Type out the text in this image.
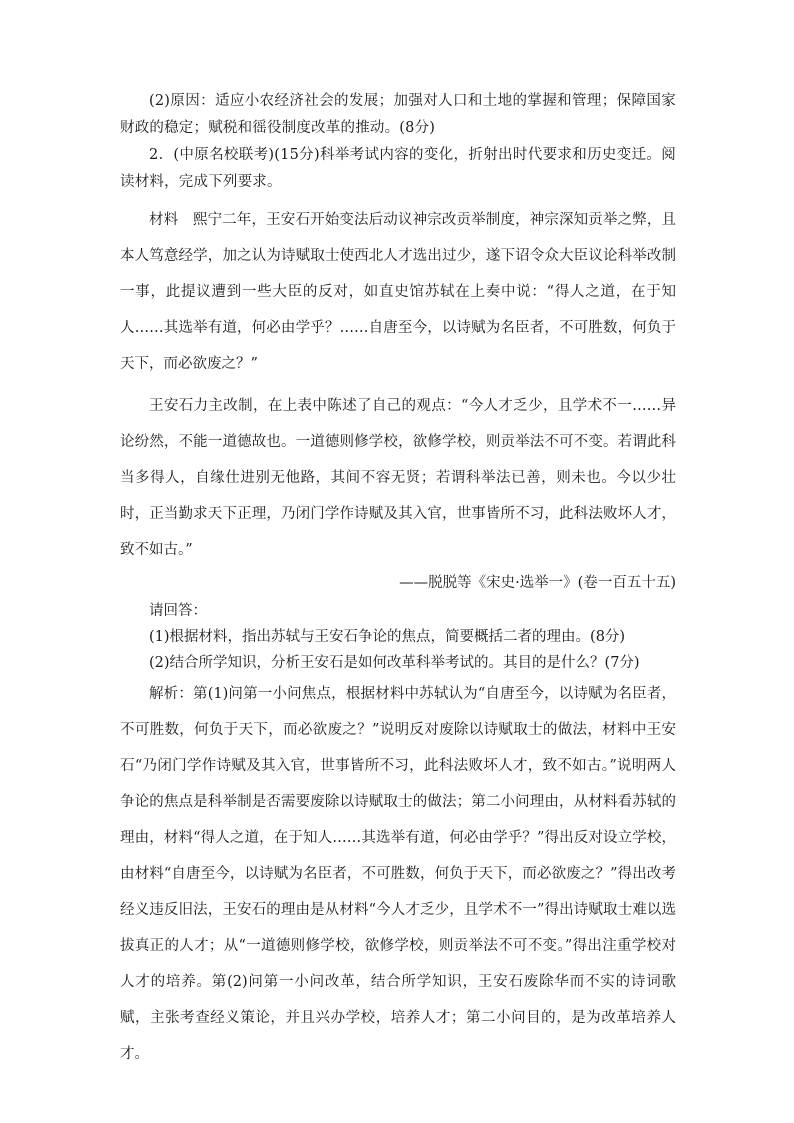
(2)原因：适应小农经济社会的发展；加强对人口和土地的掌握和管理；保障国家财政的稳定；赋税和徭役制度改革的推动。(8分)

2．(中原名校联考)(15分)科举考试内容的变化，折射出时代要求和历史变迁。阅读材料，完成下列要求。

材料　 熙宁二年，王安石开始变法后动议神宗改贡举制度，神宗深知贡举之弊，且本人笃意经学，加之认为诗赋取士使西北人才选出过少，遂下诏令众大臣议论科举改制一事，此提议遭到一些大臣的反对，如直史馆苏轼在上奏中说：“得人之道，在于知人……其选举有道，何必由学乎？……自唐至今，以诗赋为名臣者，不可胜数，何负于天下，而必欲废之？”

王安石力主改制，在上表中陈述了自己的观点：“今人才乏少，且学术不一……异论纷然，不能一道德故也。一道德则修学校，欲修学校，则贡举法不可不变。若谓此科当多得人，自缘仕进别无他路，其间不容无贤；若谓科举法已善，则未也。今以少壮时，正当勤求天下正理，乃闭门学作诗赋及其入官，世事皆所不习，此科法败坏人才，致不如古。”

——脱脱等《宋史·选举一》(卷一百五十五)

请回答：

(1)根据材料，指出苏轼与王安石争论的焦点，简要概括二者的理由。(8分)

(2)结合所学知识，分析王安石是如何改革科举考试的。其目的是什么？(7分)

解析：第(1)问第一小问焦点，根据材料中苏轼认为“自唐至今，以诗赋为名臣者，不可胜数，何负于天下，而必欲废之？”说明反对废除以诗赋取士的做法，材料中王安石“乃闭门学作诗赋及其入官，世事皆所不习，此科法败坏人才，致不如古。”说明两人争论的焦点是科举制是否需要废除以诗赋取士的做法；第二小问理由，从材料看苏轼的理由，材料“得人之道，在于知人……其选举有道，何必由学乎？”得出反对设立学校，由材料“自唐至今，以诗赋为名臣者，不可胜数，何负于天下，而必欲废之？”得出改考经义违反旧法，王安石的理由是从材料“今人才乏少，且学术不一”得出诗赋取士难以选拔真正的人才；从“一道德则修学校，欲修学校，则贡举法不可不变。”得出注重学校对人才的培养。第(2)问第一小问改革，结合所学知识，王安石废除华而不实的诗词歌赋，主张考查经义策论，并且兴办学校，培养人才；第二小问目的，是为改革培养人才。
